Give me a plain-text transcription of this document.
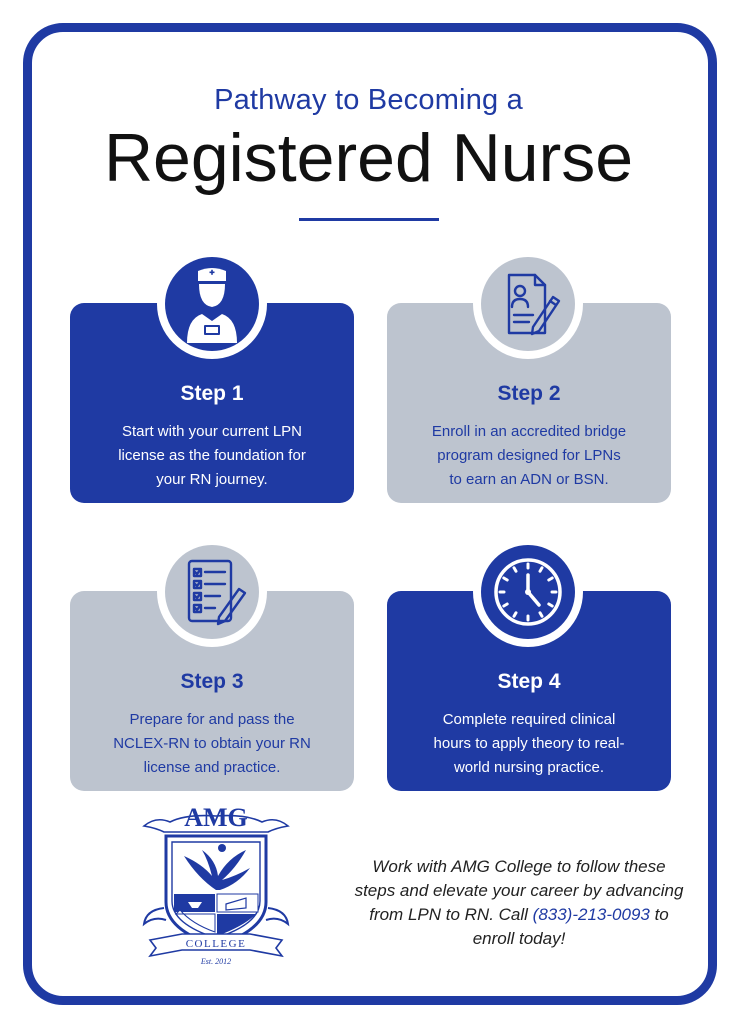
Pathway to Becoming a
Registered Nurse
Step 1
Start with your current LPN
license as the foundation for
your RN journey.
Step 2
Enroll in an accredited bridge
program designed for LPNs
to earn an ADN or BSN.
Step 3
Prepare for and pass the
NCLEX-RN to obtain your RN
license and practice.
Step 4
Complete required clinical
hours to apply theory to real-
world nursing practice.
AMG
COLLEGE
Est. 2012
Work with AMG College to follow these
steps and elevate your career by advancing
from LPN to RN. Call (833)-213-0093 to
enroll today!
